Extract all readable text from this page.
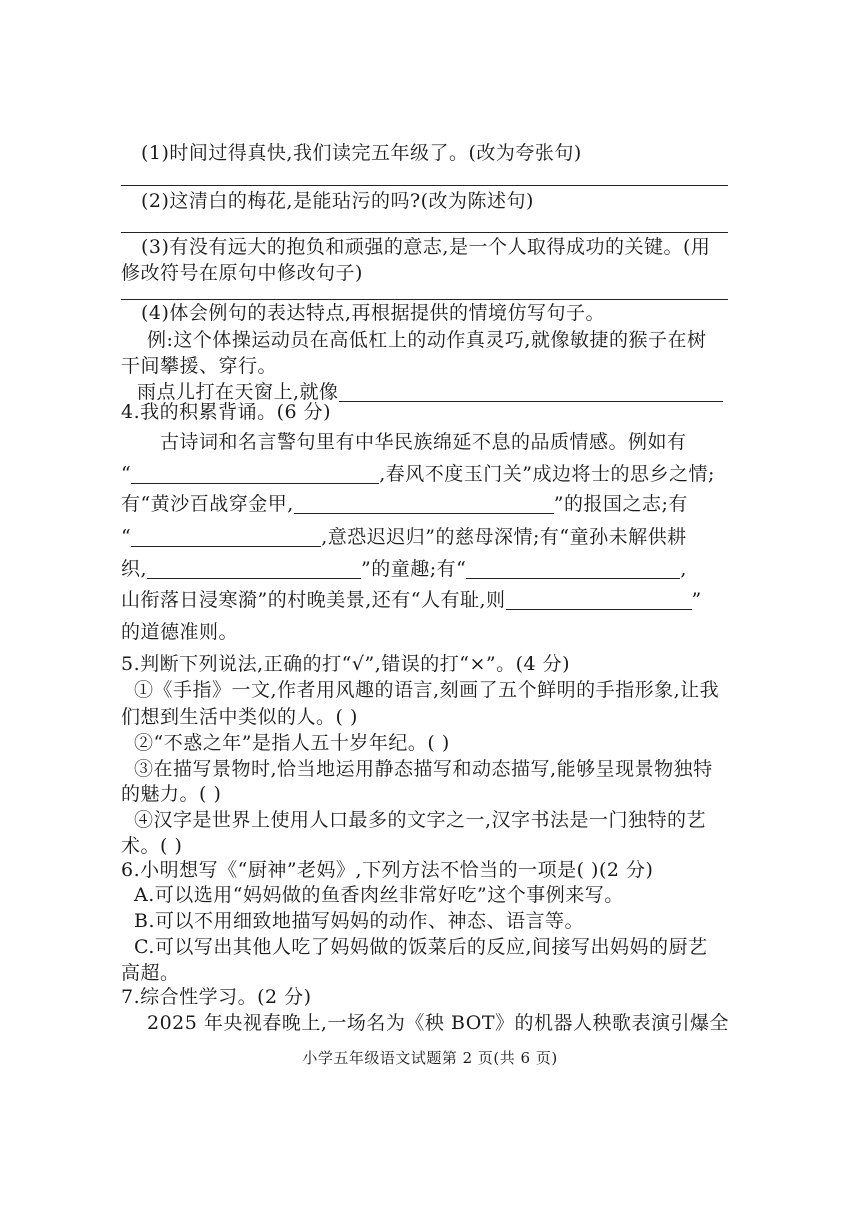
(1)时间过得真快,我们读完五年级了。(改为夸张句)
(2)这清白的梅花,是能玷污的吗?(改为陈述句)
(3)有没有远大的抱负和顽强的意志,是一个人取得成功的关键。(用
修改符号在原句中修改句子)
(4)体会例句的表达特点,再根据提供的情境仿写句子。
例:这个体操运动员在高低杠上的动作真灵巧,就像敏捷的猴子在树
干间攀援、穿行。
雨点儿打在天窗上,就像
4.我的积累背诵。(6 分)
古诗词和名言警句里有中华民族绵延不息的品质情感。例如有
“	,春风不度玉门关”成边将士的思乡之情;
有“黄沙百战穿金甲,	”的报国之志;有
“	,意恐迟迟归”的慈母深情;有“童孙未解供耕
织,	”的童趣;有“	,
山衔落日浸寒漪”的村晚美景,还有“人有耻,则	”
的道德准则。
5.判断下列说法,正确的打“√”,错误的打“×”。(4 分)
①《手指》一文,作者用风趣的语言,刻画了五个鲜明的手指形象,让我
们想到生活中类似的人。( )
②“不惑之年”是指人五十岁年纪。( )
③在描写景物时,恰当地运用静态描写和动态描写,能够呈现景物独特
的魅力。( )
④汉字是世界上使用人口最多的文字之一,汉字书法是一门独特的艺
术。( )
6.小明想写《“厨神”老妈》,下列方法不恰当的一项是( )(2 分)
A.可以选用“妈妈做的鱼香肉丝非常好吃”这个事例来写。
B.可以不用细致地描写妈妈的动作、神态、语言等。
C.可以写出其他人吃了妈妈做的饭菜后的反应,间接写出妈妈的厨艺
高超。
7.综合性学习。(2 分)
2025 年央视春晚上,一场名为《秧 BOT》的机器人秧歌表演引爆全
小学五年级语文试题第 2 页(共 6 页)
